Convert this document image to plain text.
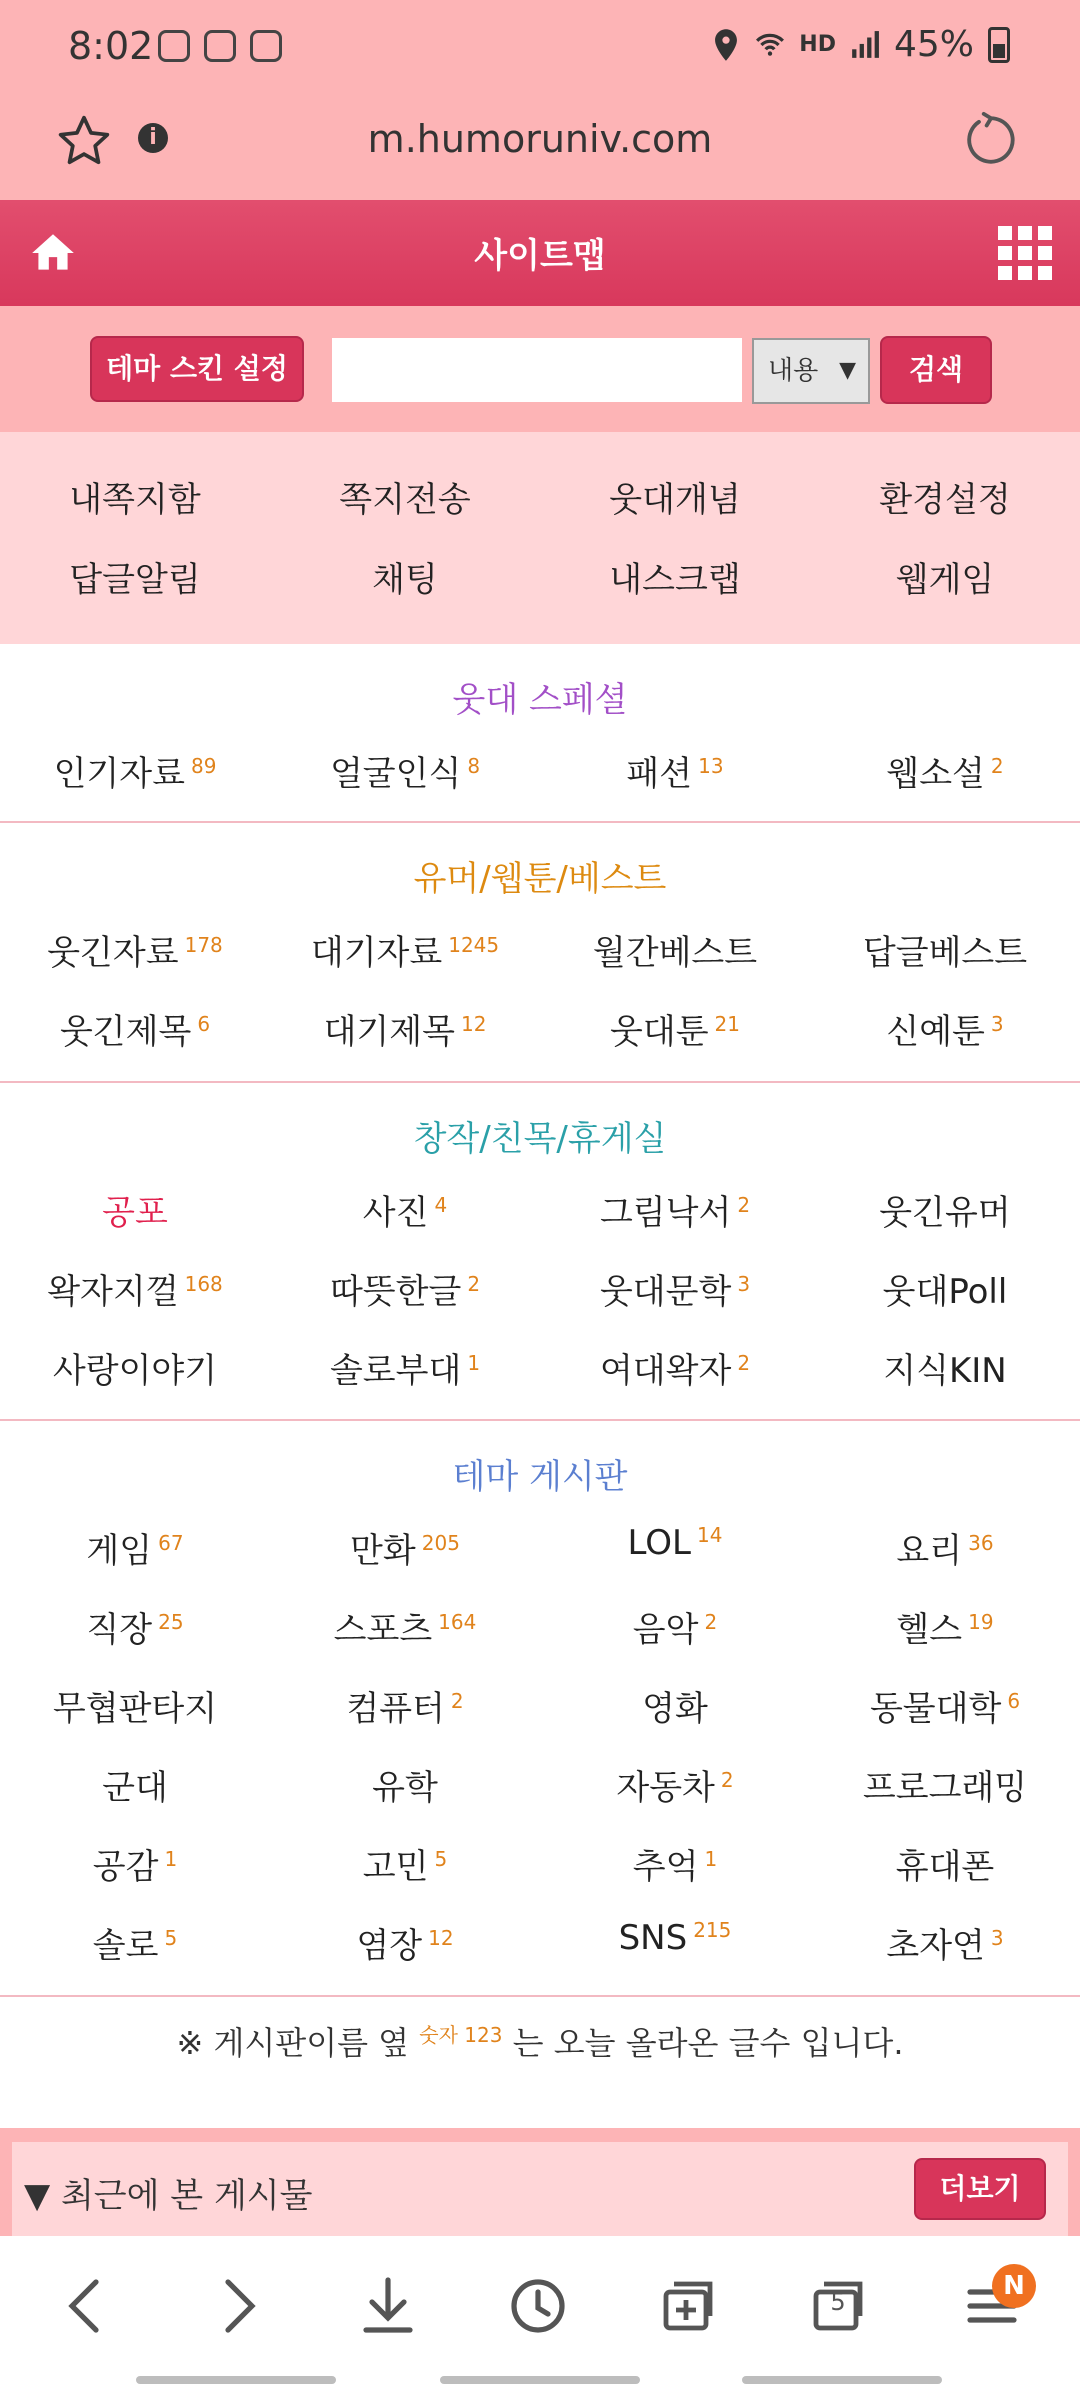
8:02	HD 45%
i	m.humoruniv.com
사이트맵
테마 스킨 설정	내용 ▼	검색
내쪽지함	쪽지전송	웃대개념	환경설정
답글알림	채팅	내스크랩	웹게임
웃대 스페셜
인기자료 $^{89}$	얼굴인식 $^8$	패션 $^{13}$	웹소설 $^2$
유머/웹툰/베스트
웃긴자료 $^{178}$	대기자료 $^{1245}$	월간베스트	답글베스트
웃긴제목 $^6$	대기제목 $^{12}$	웃대툰 $^{21}$	신예툰 $^3$
창작/친목/휴게실
공포	사진 $^4$	그림낙서 $^2$	웃긴유머
왁자지껄 $^{168}$	따뜻한글 $^2$	웃대문학 $^3$	웃대Poll
사랑이야기	솔로부대 $^1$	여대왁자 $^2$	지식KIN
테마 게시판
게임 $^{67}$	만화 $^{205}$	LOL $^{14}$	요리 $^{36}$
직장 $^{25}$	스포츠 $^{164}$	음악 $^2$	헬스 $^{19}$
무협판타지	컴퓨터 $^2$	영화	동물대학 $^6$
군대	유학	자동차 $^2$	프로그래밍
공감 $^1$	고민 $^5$	추억 $^1$	휴대폰
솔로 $^5$	염장 $^{12}$	SNS $^{215}$	초자연 $^3$
※ 게시판이름 옆 $^{숫자 123}$ 는 오늘 올라온 글수 입니다.
▼ 최근에 본 게시물	더보기
5
N
